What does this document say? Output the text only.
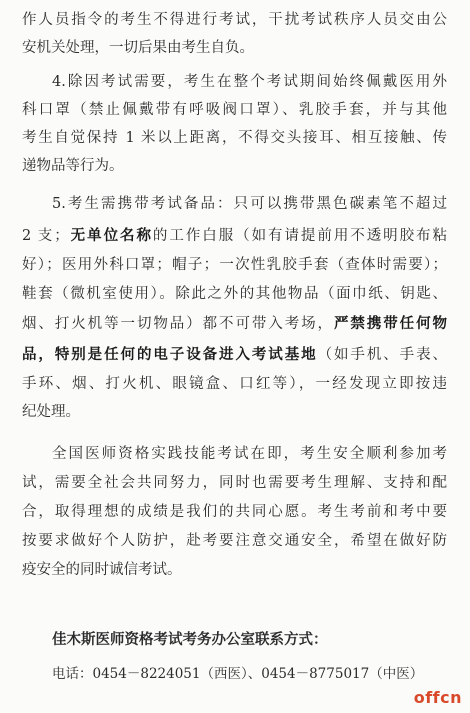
作人员指令的考生不得进行考试，干扰考试秩序人员交由公
安机关处理，一切后果由考生自负。
4.除因考试需要，考生在整个考试期间始终佩戴医用外
科口罩（禁止佩戴带有呼吸阀口罩）、乳胶手套，并与其他
考生自觉保持 1 米以上距离，不得交头接耳、相互接触、传
递物品等行为。
5.考生需携带考试备品：只可以携带黑色碳素笔不超过
2 支；无单位名称的工作白服（如有请提前用不透明胶布粘
好）；医用外科口罩；帽子；一次性乳胶手套（查体时需要）；
鞋套（微机室使用）。除此之外的其他物品（面巾纸、钥匙、
烟、打火机等一切物品）都不可带入考场，严禁携带任何物
品，特别是任何的电子设备进入考试基地（如手机、手表、
手环、烟、打火机、眼镜盒、口红等），一经发现立即按违
纪处理。
全国医师资格实践技能考试在即，考生安全顺利参加考
试，需要全社会共同努力，同时也需要考生理解、支持和配
合，取得理想的成绩是我们的共同心愿。考生考前和考中要
按要求做好个人防护，赴考要注意交通安全，希望在做好防
疫安全的同时诚信考试。
佳木斯医师资格考试考务办公室联系方式：
电话：0454－8224051（西医）、0454－8775017（中医）
offcn
